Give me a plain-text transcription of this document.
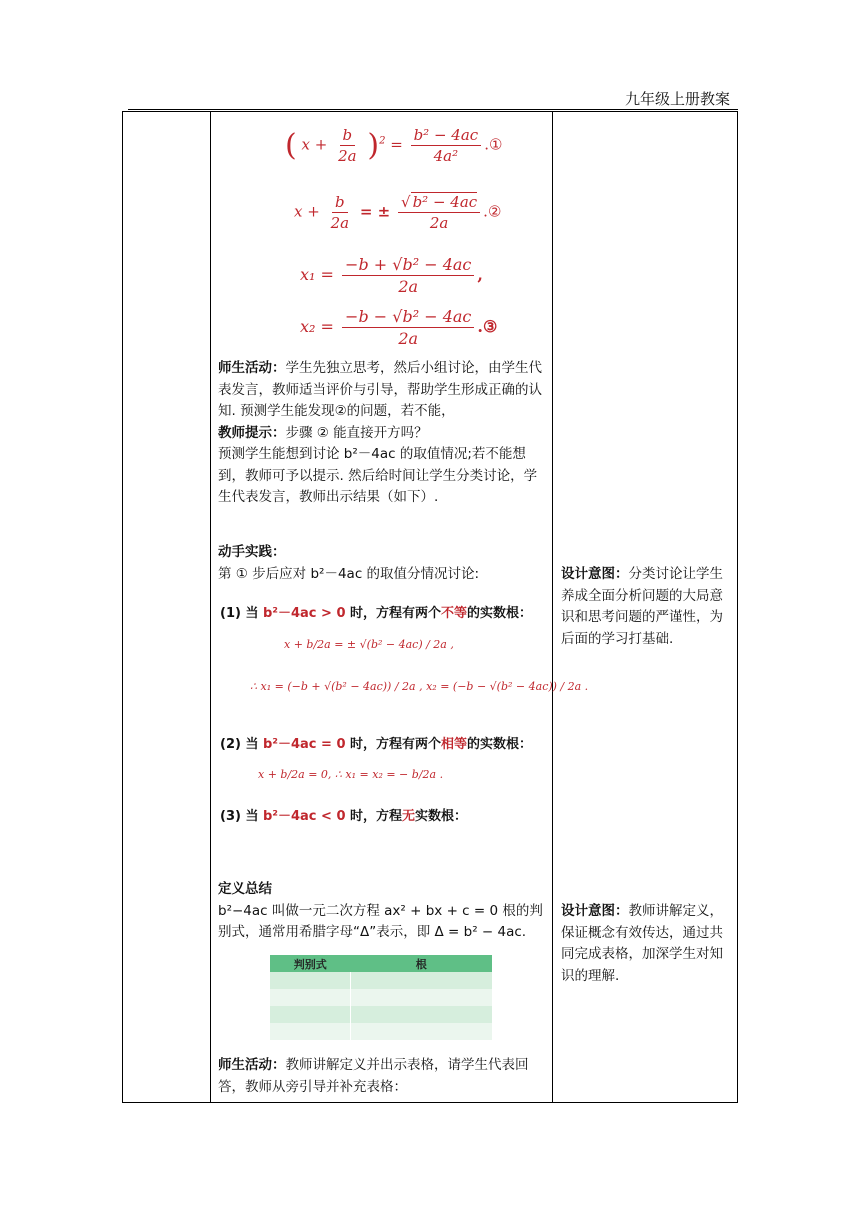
九年级上册教案
( $x + \frac{b}{2a} )^2 = \frac{\text{b² − 4ac}}{\text{4a²}}$ .①
$x + \frac{b}{2a}$ = ± $\frac{\text{√ b² − 4ac}}{2a}$ .②
$x_1 = \frac{\text{−b + √b² − 4ac}}{2a}$ ,
$x_2 = \frac{\text{−b − √b² − 4ac}}{2a}$ .③
师生活动：学生先独立思考，然后小组讨论，由学生代表发言，教师适当评价与引导，帮助学生形成正确的认知. 预测学生能发现②的问题，若不能，
教师提示：步骤 ② 能直接开方吗？
预测学生能想到讨论 b²－4ac 的取值情况;若不能想到，教师可予以提示. 然后给时间让学生分类讨论，学生代表发言，教师出示结果（如下）.
动手实践：
第 ① 步后应对 b²－4ac 的取值分情况讨论:
(1) 当 b²－4ac > 0 时，方程有两个不等的实数根：
x + b/2a = ± √(b² − 4ac) / 2a ,
∴ x₁ = (−b + √(b² − 4ac)) / 2a , x₂ = (−b − √(b² − 4ac)) / 2a .
(2) 当 b²－4ac = 0 时，方程有两个相等的实数根：
x + b/2a = 0, ∴ x₁ = x₂ = − b/2a .
(3) 当 b²－4ac < 0 时，方程无实数根：
定义总结
b²−4ac 叫做一元二次方程 ax² + bx + c = 0 根的判别式，通常用希腊字母“Δ”表示，即 Δ = b² − 4ac.
判别式	根

师生活动：教师讲解定义并出示表格，请学生代表回答，教师从旁引导并补充表格：
设计意图：分类讨论让学生养成全面分析问题的大局意识和思考问题的严谨性，为后面的学习打基础.
设计意图：教师讲解定义，保证概念有效传达，通过共同完成表格，加深学生对知识的理解.
